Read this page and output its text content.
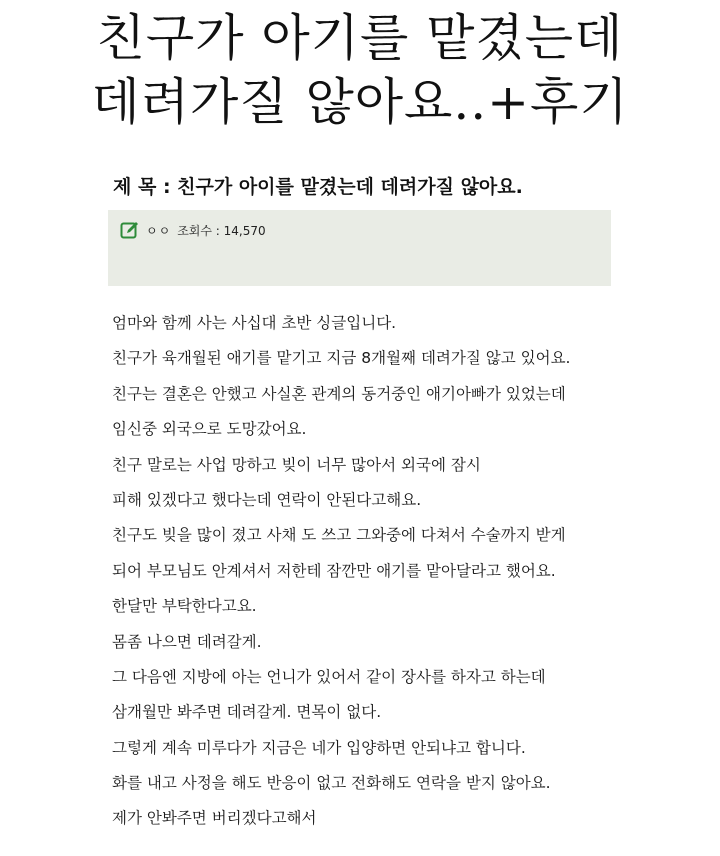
친구가 아기를 맡겼는데
데려가질 않아요..+후기
제 목 : 친구가 아이를 맡겼는데 데려가질 않아요.
ㅇㅇ 조회수 : 14,570
엄마와 함께 사는 사십대 초반 싱글입니다.
친구가 육개월된 애기를 맡기고 지금 8개월째 데려가질 않고 있어요.
친구는 결혼은 안했고 사실혼 관계의 동거중인 애기아빠가 있었는데
임신중 외국으로 도망갔어요.
친구 말로는 사업 망하고 빚이 너무 많아서 외국에 잠시
피해 있겠다고 했다는데 연락이 안된다고해요.
친구도 빚을 많이 졌고 사채 도 쓰고 그와중에 다쳐서 수술까지 받게
되어 부모님도 안계셔서 저한테 잠깐만 애기를 맡아달라고 했어요.
한달만 부탁한다고요.
몸좀 나으면 데려갈게.
그 다음엔 지방에 아는 언니가 있어서 같이 장사를 하자고 하는데
삼개월만 봐주면 데려갈게. 면목이 없다.
그렇게 계속 미루다가 지금은 네가 입양하면 안되냐고 합니다.
화를 내고 사정을 해도 반응이 없고 전화해도 연락을 받지 않아요.
제가 안봐주면 버리겠다고해서
